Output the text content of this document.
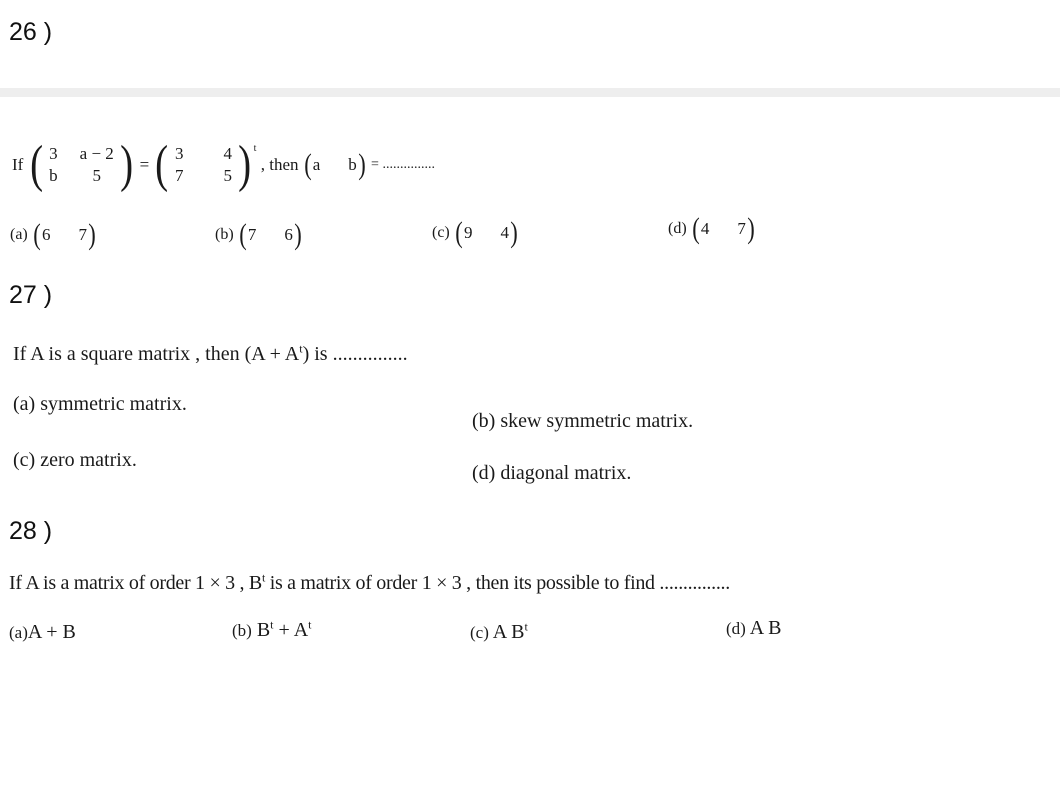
26 )
If ( 3 a − 2
b	5 ) = ( 3 4
7 5 ) $^t$ , then ( a b ) = ...............
(a) ( 6 7 )	(b) ( 7 6 )	(c) ( 9 4 )	(d) ( 4 7 )
27 )
If A is a square matrix , then $(A + A^t)$ is ...............
(a) symmetric matrix.
(b) skew symmetric matrix.
(c) zero matrix.
(d) diagonal matrix.
28 )
If A is a matrix of order 1 × 3 , $B^t$ is a matrix of order 1 × 3 , then its possible to find ...............
(a)A + B	(b) $B^t + A^t$	(c) A $B^t$	(d) A B
